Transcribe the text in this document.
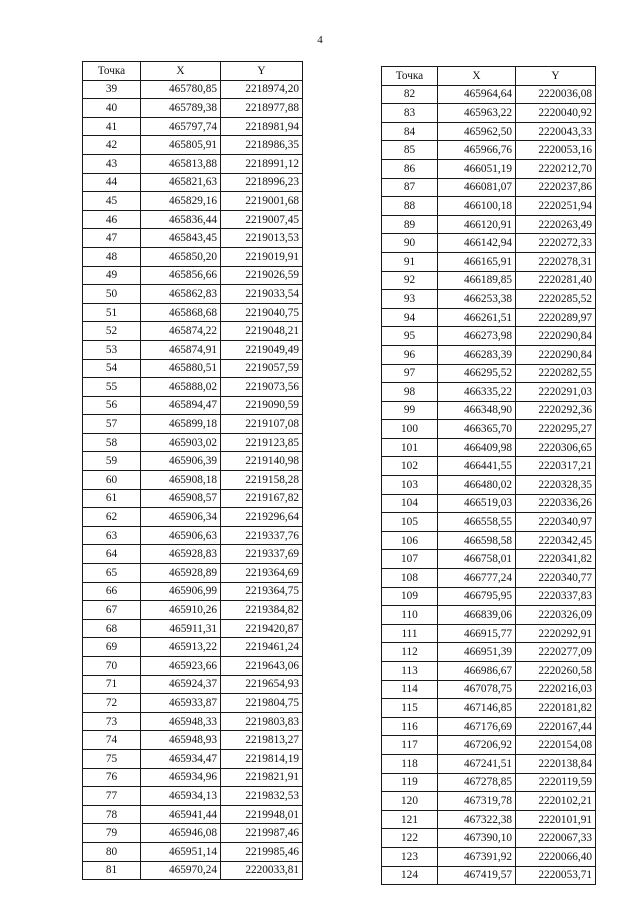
4
Точка	X	Y
39	465780,85	2218974,20
40	465789,38	2218977,88
41	465797,74	2218981,94
42	465805,91	2218986,35
43	465813,88	2218991,12
44	465821,63	2218996,23
45	465829,16	2219001,68
46	465836,44	2219007,45
47	465843,45	2219013,53
48	465850,20	2219019,91
49	465856,66	2219026,59
50	465862,83	2219033,54
51	465868,68	2219040,75
52	465874,22	2219048,21
53	465874,91	2219049,49
54	465880,51	2219057,59
55	465888,02	2219073,56
56	465894,47	2219090,59
57	465899,18	2219107,08
58	465903,02	2219123,85
59	465906,39	2219140,98
60	465908,18	2219158,28
61	465908,57	2219167,82
62	465906,34	2219296,64
63	465906,63	2219337,76
64	465928,83	2219337,69
65	465928,89	2219364,69
66	465906,99	2219364,75
67	465910,26	2219384,82
68	465911,31	2219420,87
69	465913,22	2219461,24
70	465923,66	2219643,06
71	465924,37	2219654,93
72	465933,87	2219804,75
73	465948,33	2219803,83
74	465948,93	2219813,27
75	465934,47	2219814,19
76	465934,96	2219821,91
77	465934,13	2219832,53
78	465941,44	2219948,01
79	465946,08	2219987,46
80	465951,14	2219985,46
81	465970,24	2220033,81
Точка	X	Y
82	465964,64	2220036,08
83	465963,22	2220040,92
84	465962,50	2220043,33
85	465966,76	2220053,16
86	466051,19	2220212,70
87	466081,07	2220237,86
88	466100,18	2220251,94
89	466120,91	2220263,49
90	466142,94	2220272,33
91	466165,91	2220278,31
92	466189,85	2220281,40
93	466253,38	2220285,52
94	466261,51	2220289,97
95	466273,98	2220290,84
96	466283,39	2220290,84
97	466295,52	2220282,55
98	466335,22	2220291,03
99	466348,90	2220292,36
100	466365,70	2220295,27
101	466409,98	2220306,65
102	466441,55	2220317,21
103	466480,02	2220328,35
104	466519,03	2220336,26
105	466558,55	2220340,97
106	466598,58	2220342,45
107	466758,01	2220341,82
108	466777,24	2220340,77
109	466795,95	2220337,83
110	466839,06	2220326,09
111	466915,77	2220292,91
112	466951,39	2220277,09
113	466986,67	2220260,58
114	467078,75	2220216,03
115	467146,85	2220181,82
116	467176,69	2220167,44
117	467206,92	2220154,08
118	467241,51	2220138,84
119	467278,85	2220119,59
120	467319,78	2220102,21
121	467322,38	2220101,91
122	467390,10	2220067,33
123	467391,92	2220066,40
124	467419,57	2220053,71
